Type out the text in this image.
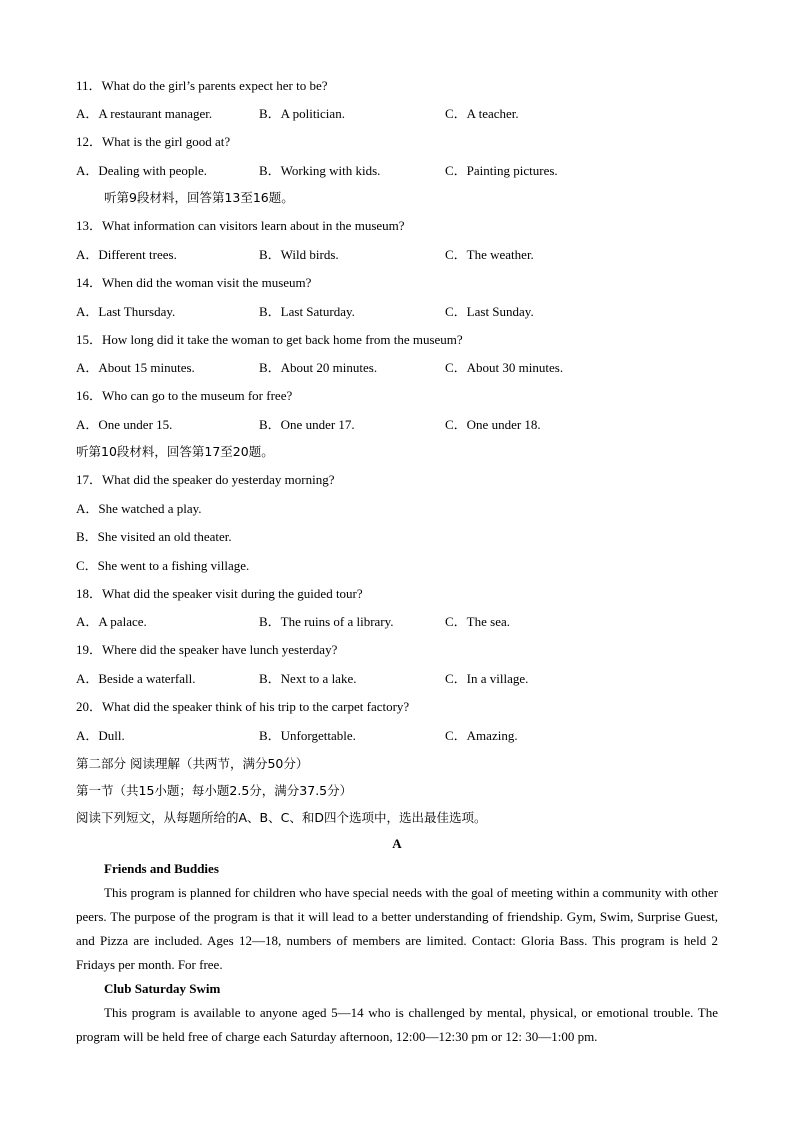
11．What do the girl’s parents expect her to be?
A．A restaurant manager.	B．A politician.	C．A teacher.
12．What is the girl good at?
A．Dealing with people.	B．Working with kids.	C．Painting pictures.
听第9段材料，回答第13至16题。
13．What information can visitors learn about in the museum?
A．Different trees.	B．Wild birds.	C．The weather.
14．When did the woman visit the museum?
A．Last Thursday.	B．Last Saturday.	C．Last Sunday.
15．How long did it take the woman to get back home from the museum?
A．About 15 minutes.	B．About 20 minutes.	C．About 30 minutes.
16．Who can go to the museum for free?
A．One under 15.	B．One under 17.	C．One under 18.
听第10段材料，回答第17至20题。
17．What did the speaker do yesterday morning?
A．She watched a play.
B．She visited an old theater.
C．She went to a fishing village.
18．What did the speaker visit during the guided tour?
A．A palace.	B．The ruins of a library.	C．The sea.
19．Where did the speaker have lunch yesterday?
A．Beside a waterfall.	B．Next to a lake.	C．In a village.
20．What did the speaker think of his trip to the carpet factory?
A．Dull.	B．Unforgettable.	C．Amazing.
第二部分 阅读理解（共两节，满分50分）
第一节（共15小题；每小题2.5分，满分37.5分）
阅读下列短文，从每题所给的A、B、C、和D四个选项中，选出最佳选项。
A
Friends and Buddies
This program is planned for children who have special needs with the goal of meeting within a community with other peers. The purpose of the program is that it will lead to a better understanding of friendship. Gym, Swim, Surprise Guest, and Pizza are included. Ages 12—18, numbers of members are limited. Contact: Gloria Bass. This program is held 2 Fridays per month. For free.
Club Saturday Swim
This program is available to anyone aged 5—14 who is challenged by mental, physical, or emotional trouble. The program will be held free of charge each Saturday afternoon, 12:00—12:30 pm or 12: 30—1:00 pm.
